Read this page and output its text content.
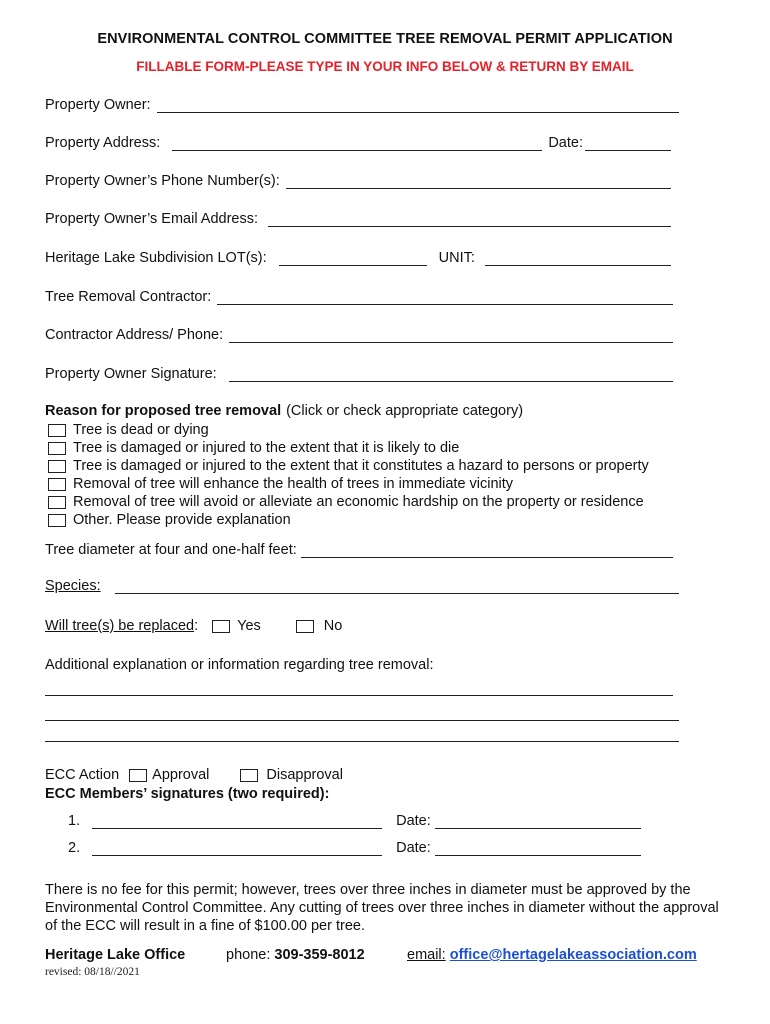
ENVIRONMENTAL CONTROL COMMITTEE TREE REMOVAL PERMIT APPLICATION
FILLABLE FORM-PLEASE TYPE IN YOUR INFO BELOW & RETURN BY EMAIL
Property Owner:
Property Address:	Date:
Property Owner’s Phone Number(s):
Property Owner’s Email Address:
Heritage Lake Subdivision LOT(s):	UNIT:
Tree Removal Contractor:
Contractor Address/ Phone:
Property Owner Signature:
Reason for proposed tree removal (Click or check appropriate category)
Tree is dead or dying
Tree is damaged or injured to the extent that it is likely to die
Tree is damaged or injured to the extent that it constitutes a hazard to persons or property
Removal of tree will enhance the health of trees in immediate vicinity
Removal of tree will avoid or alleviate an economic hardship on the property or residence
Other. Please provide explanation
Tree diameter at four and one-half feet:
Species:
Will tree(s) be replaced :	Yes	No
Additional explanation or information regarding tree removal:
ECC Action Approval	Disapproval
ECC Members’ signatures (two required):
1.	Date:
2.	Date:
There is no fee for this permit; however, trees over three inches in diameter must be approved by the Environmental Control Committee. Any cutting of trees over three inches in diameter without the approval of the ECC will result in a fine of $100.00 per tree.
Heritage Lake Office	phone: 309-359-8012	email: office@hertagelakeassociation.com
revised: 08/18//2021
